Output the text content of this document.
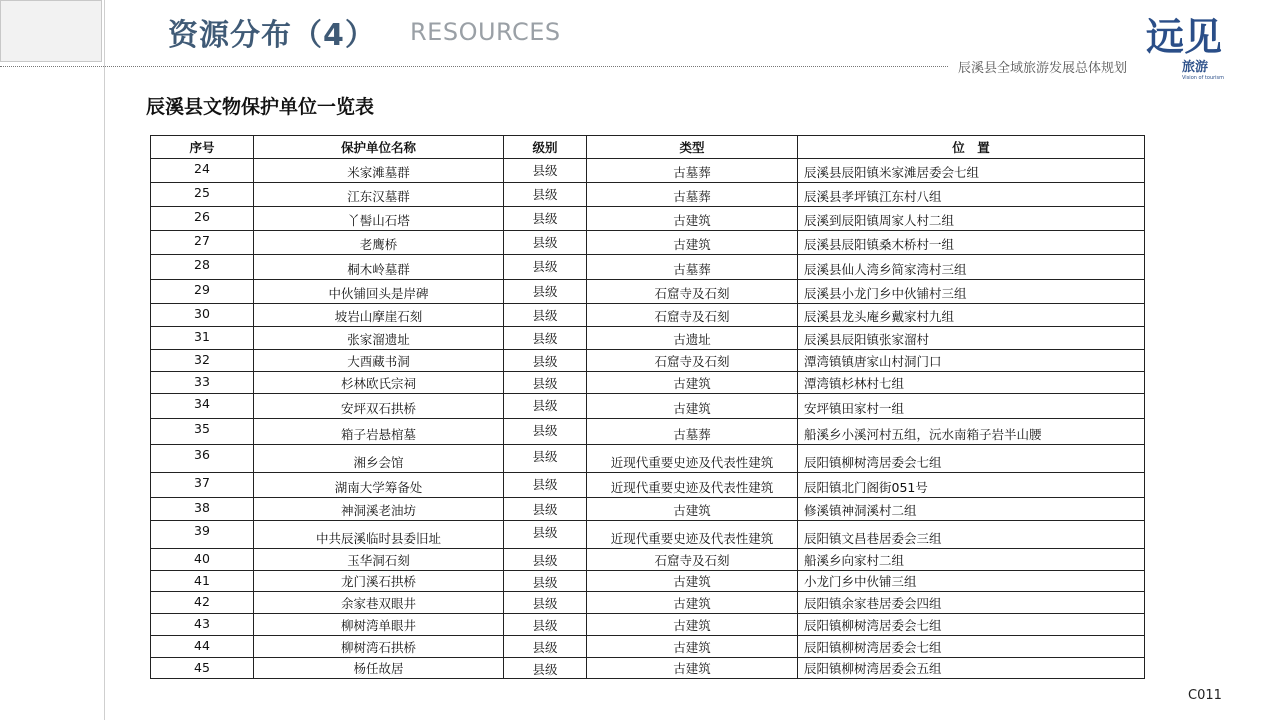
资源分布（4） RESOURCES
辰溪县全域旅游发展总体规划
远见
旅游
Vision of tourism
辰溪县文物保护单位一览表
序号	保护单位名称	级别	类型	位　置
24	米家滩墓群	县级	古墓葬	辰溪县辰阳镇米家滩居委会七组
25	江东汉墓群	县级	古墓葬	辰溪县孝坪镇江东村八组
26	丫髻山石塔	县级	古建筑	辰溪到辰阳镇周家人村二组
27	老鹰桥	县级	古建筑	辰溪县辰阳镇桑木桥村一组
28	桐木岭墓群	县级	古墓葬	辰溪县仙人湾乡简家湾村三组
29	中伙铺回头是岸碑	县级	石窟寺及石刻	辰溪县小龙门乡中伙铺村三组
30	坡岩山摩崖石刻	县级	石窟寺及石刻	辰溪县龙头庵乡戴家村九组
31	张家溜遗址	县级	古遗址	辰溪县辰阳镇张家溜村
32	大酉藏书洞	县级	石窟寺及石刻	潭湾镇镇唐家山村洞门口
33	杉林欧氏宗祠	县级	古建筑	潭湾镇杉林村七组
34	安坪双石拱桥	县级	古建筑	安坪镇田家村一组
35	箱子岩悬棺墓	县级	古墓葬	船溪乡小溪河村五组，沅水南箱子岩半山腰
36	湘乡会馆	县级	近现代重要史迹及代表性建筑	辰阳镇柳树湾居委会七组
37	湖南大学筹备处	县级	近现代重要史迹及代表性建筑	辰阳镇北门阁街051号
38	神洞溪老油坊	县级	古建筑	修溪镇神洞溪村二组
39	中共辰溪临时县委旧址	县级	近现代重要史迹及代表性建筑	辰阳镇文昌巷居委会三组
40	玉华洞石刻	县级	石窟寺及石刻	船溪乡向家村二组
41	龙门溪石拱桥	县级	古建筑	小龙门乡中伙铺三组
42	余家巷双眼井	县级	古建筑	辰阳镇余家巷居委会四组
43	柳树湾单眼井	县级	古建筑	辰阳镇柳树湾居委会七组
44	柳树湾石拱桥	县级	古建筑	辰阳镇柳树湾居委会七组
45	杨任故居	县级	古建筑	辰阳镇柳树湾居委会五组
C011
